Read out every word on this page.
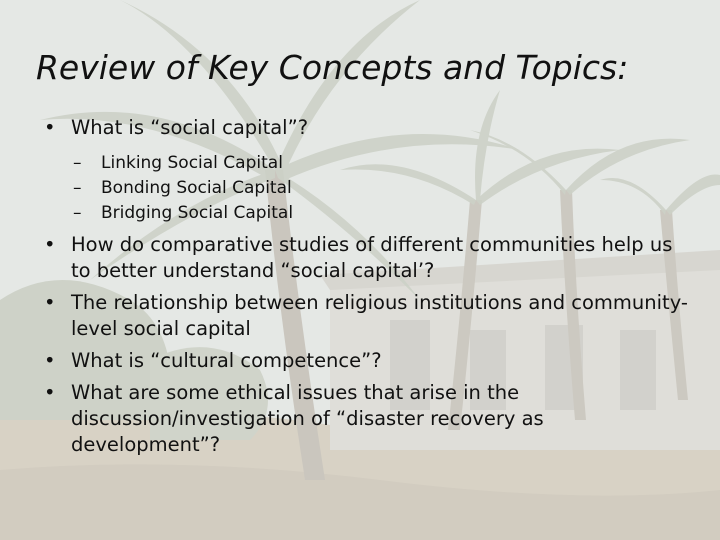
Review of Key Concepts and Topics:
• What is “social capital”?
– Linking Social Capital
– Bonding Social Capital
– Bridging Social Capital
• How do comparative studies of different communities help us to better understand “social capital’?
• The relationship between religious institutions and community-level social capital
• What is “cultural competence”?
• What are some ethical issues that arise in the discussion/investigation of “disaster recovery as development”?
